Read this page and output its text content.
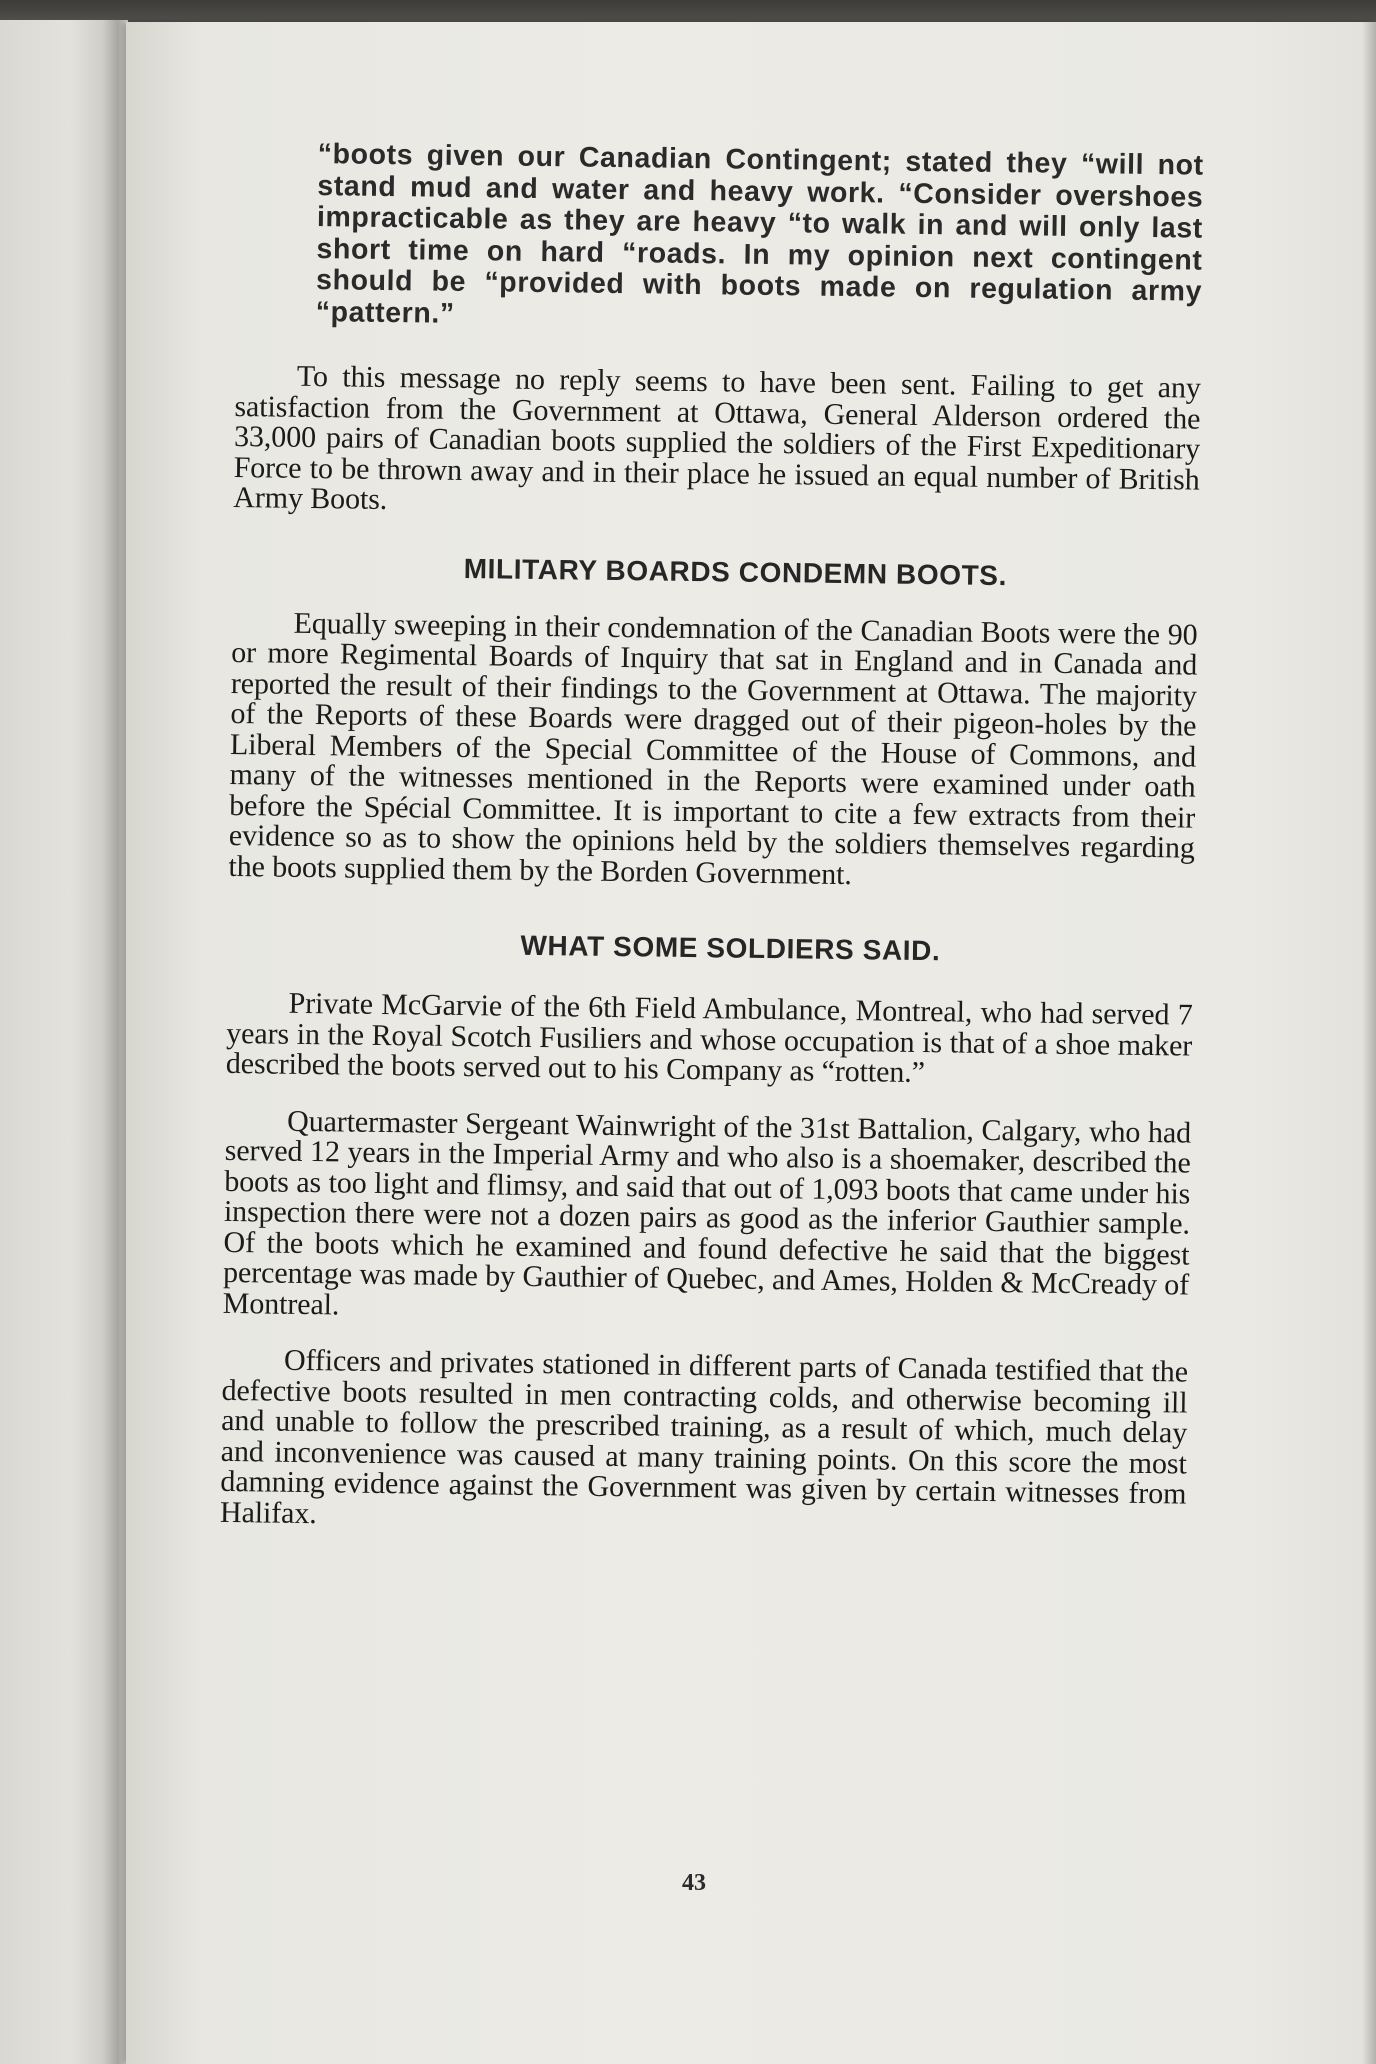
“boots given our Canadian Contingent; stated they “will not stand mud and water and heavy work. “Consider overshoes impracticable as they are heavy “to walk in and will only last short time on hard “roads. In my opinion next contingent should be “provided with boots made on regulation army “pattern.”

To this message no reply seems to have been sent. Failing to get any satisfaction from the Government at Ottawa, General Alderson ordered the 33,000 pairs of Canadian boots supplied the soldiers of the First Expeditionary Force to be thrown away and in their place he issued an equal number of British Army Boots.

MILITARY BOARDS CONDEMN BOOTS.

Equally sweeping in their condemnation of the Canadian Boots were the 90 or more Regimental Boards of Inquiry that sat in England and in Canada and reported the result of their findings to the Government at Ottawa. The majority of the Reports of these Boards were dragged out of their pigeon-holes by the Liberal Members of the Special Committee of the House of Commons, and many of the witnesses mentioned in the Reports were examined under oath before the Spécial Committee. It is important to cite a few extracts from their evidence so as to show the opinions held by the soldiers themselves regarding the boots supplied them by the Borden Government.

WHAT SOME SOLDIERS SAID.

Private McGarvie of the 6th Field Ambulance, Montreal, who had served 7 years in the Royal Scotch Fusiliers and whose occupation is that of a shoe maker described the boots served out to his Company as “rotten.”

Quartermaster Sergeant Wainwright of the 31st Battalion, Calgary, who had served 12 years in the Imperial Army and who also is a shoemaker, described the boots as too light and flimsy, and said that out of 1,093 boots that came under his inspection there were not a dozen pairs as good as the inferior Gauthier sample. Of the boots which he examined and found defective he said that the biggest percentage was made by Gauthier of Quebec, and Ames, Holden & McCready of Montreal.

Officers and privates stationed in different parts of Canada testified that the defective boots resulted in men contracting colds, and otherwise becoming ill and unable to follow the prescribed training, as a result of which, much delay and inconvenience was caused at many training points. On this score the most damning evidence against the Government was given by certain witnesses from Halifax.

43
